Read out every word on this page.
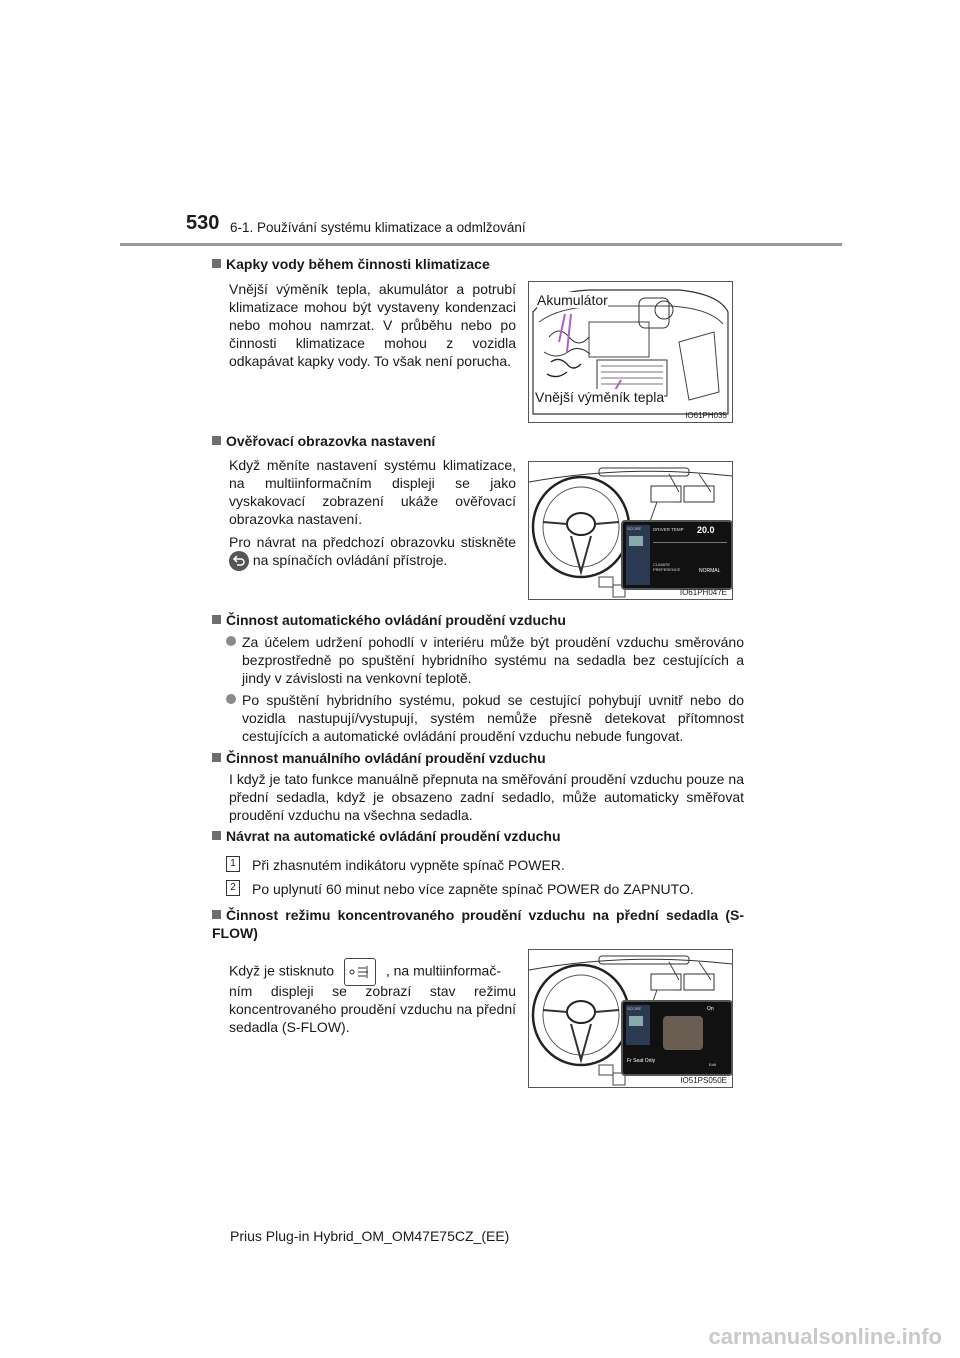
530 6-1. Používání systému klimatizace a odmlžování
Kapky vody během činnosti klimatizace
Vnější výměník tepla, akumulátor a potrubí klimatizace mohou být vystaveny kondenzaci nebo mohou namrzat. V průběhu nebo po činnosti klimatizace mohou z vozidla odkapávat kapky vody. To však není porucha.
Akumulátor
Vnější výměník tepla
IO61PH035
Ověřovací obrazovka nastavení
Když měníte nastavení systému klimatizace, na multiinformačním displeji se jako vyskakovací zobrazení ukáže ověřovací obrazovka nastavení.
Pro návrat na předchozí obrazovku stiskněte  na spínačích ovládání přístroje.
SCORE	DRIVER TEMP 20.0
CLIMATE PREFERENCE	NORMAL
IO61PH047E
Činnost automatického ovládání proudění vzduchu
Za účelem udržení pohodlí v interiéru může být proudění vzduchu směrováno bezprostředně po spuštění hybridního systému na sedadla bez cestujících a jindy v závislosti na venkovní teplotě.
Po spuštění hybridního systému, pokud se cestující pohybují uvnitř nebo do vozidla nastupují/vystupují, systém nemůže přesně detekovat přítomnost cestujících a automatické ovládání proudění vzduchu nebude fungovat.
Činnost manuálního ovládání proudění vzduchu
I když je tato funkce manuálně přepnuta na směřování proudění vzduchu pouze na přední sedadla, když je obsazeno zadní sedadlo, může automaticky směřovat proudění vzduchu na všechna sedadla.
Návrat na automatické ovládání proudění vzduchu
1	Při zhasnutém indikátoru vypněte spínač POWER.
2	Po uplynutí 60 minut nebo více zapněte spínač POWER do ZAPNUTO.
Činnost režimu koncentrovaného proudění vzduchu na přední sedadla (S-FLOW)
Když je stisknuto	, na multiinformač-
ním displeji se zobrazí stav režimu koncentrovaného proudění vzduchu na přední sedadla (S-FLOW).
SCORE	On
Fr Seat Only
Edit
IO51PS050E
Prius Plug-in Hybrid_OM_OM47E75CZ_(EE)
carmanualsonline.info
